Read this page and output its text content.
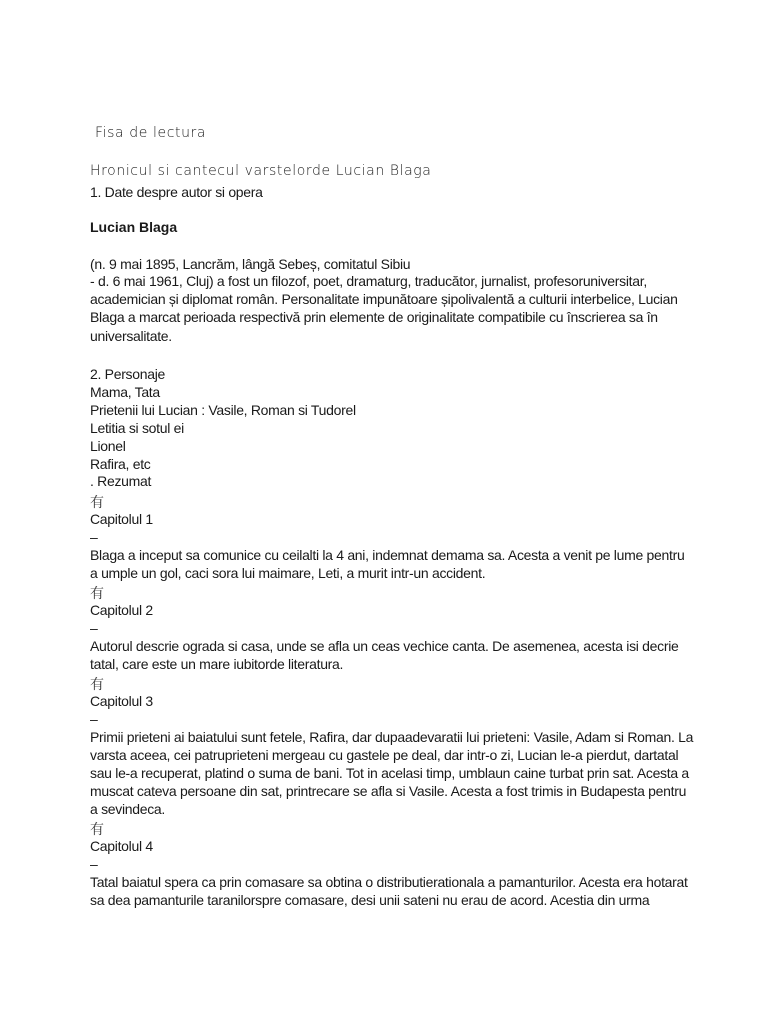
Fisa de lectura
Hronicul si cantecul varstelorde Lucian Blaga
1. Date despre autor si opera
Lucian Blaga
(n. 9 mai 1895, Lancrăm, lângă Sebeș, comitatul Sibiu
- d. 6 mai 1961, Cluj) a fost un filozof, poet, dramaturg, traducător, jurnalist, profesoruniversitar,
academician și diplomat român. Personalitate impunătoare șipolivalentă a culturii interbelice, Lucian
Blaga a marcat perioada respectivă prin elemente de originalitate compatibile cu înscrierea sa în
universalitate.
2. Personaje
Mama, Tata
Prietenii lui Lucian : Vasile, Roman si Tudorel
Letitia si sotul ei
Lionel
Rafira, etc
. Rezumat
有
Capitolul 1
–
Blaga a inceput sa comunice cu ceilalti la 4 ani, indemnat demama sa. Acesta a venit pe lume pentru
a umple un gol, caci sora lui maimare, Leti, a murit intr-un accident.
有
Capitolul 2
–
Autorul descrie ograda si casa, unde se afla un ceas vechice canta. De asemenea, acesta isi decrie
tatal, care este un mare iubitorde literatura.
有
Capitolul 3
–
Primii prieteni ai baiatului sunt fetele, Rafira, dar dupaadevaratii lui prieteni: Vasile, Adam si Roman. La
varsta aceea, cei patruprieteni mergeau cu gastele pe deal, dar intr-o zi, Lucian le-a pierdut, dartatal
sau le-a recuperat, platind o suma de bani. Tot in acelasi timp, umblaun caine turbat prin sat. Acesta a
muscat cateva persoane din sat, printrecare se afla si Vasile. Acesta a fost trimis in Budapesta pentru
a sevindeca.
有
Capitolul 4
–
Tatal baiatul spera ca prin comasare sa obtina o distributierationala a pamanturilor. Acesta era hotarat
sa dea pamanturile taranilorspre comasare, desi unii sateni nu erau de acord. Acestia din urma
